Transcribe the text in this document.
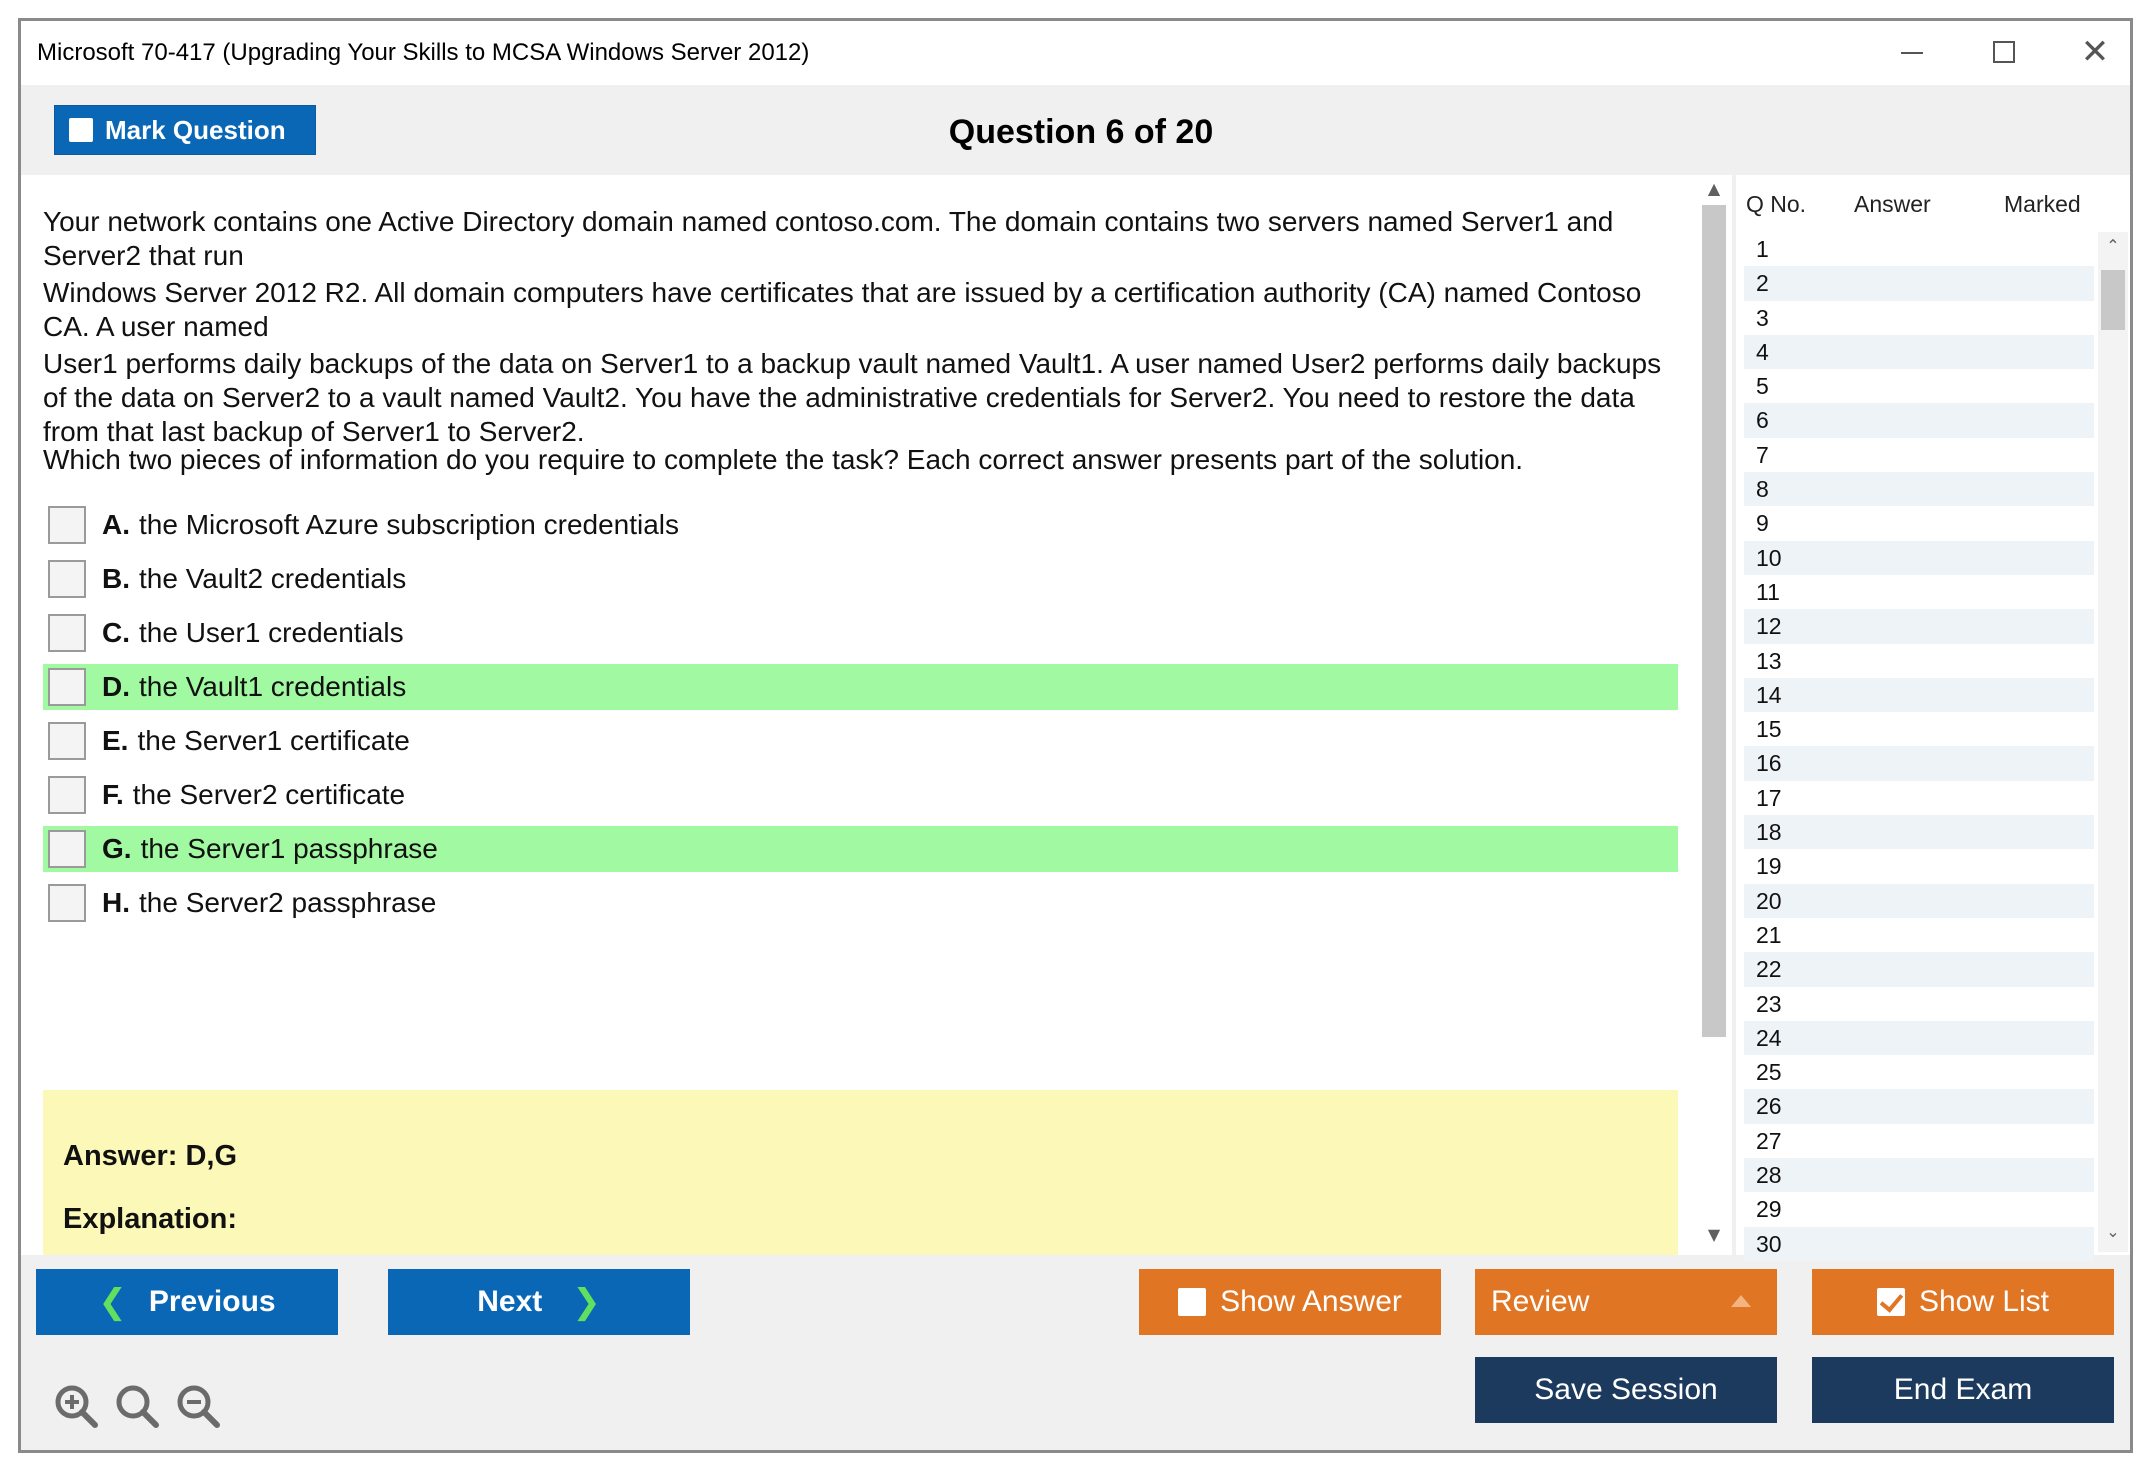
Microsoft 70-417 (Upgrading Your Skills to MCSA Windows Server 2012)	✕
Mark Question	Question 6 of 20
Your network contains one Active Directory domain named contoso.com. The domain contains two servers named Server1 and Server2 that run
Windows Server 2012 R2. All domain computers have certificates that are issued by a certification authority (CA) named Contoso CA. A user named
User1 performs daily backups of the data on Server1 to a backup vault named Vault1. A user named User2 performs daily backups of the data on Server2 to a vault named Vault2. You have the administrative credentials for Server2. You need to restore the data from that last backup of Server1 to Server2.
Which two pieces of information do you require to complete the task? Each correct answer presents part of the solution.
A. the Microsoft Azure subscription credentials
B. the Vault2 credentials
C. the User1 credentials
D. the Vault1 credentials
E. the Server1 certificate
F. the Server2 certificate
G. the Server1 passphrase
H. the Server2 passphrase
Answer: D,G
Explanation:
▲
▼
Q No. Answer	Marked
1
2
3
4
5
6
7
8
9
10
11
12
13
14
15
16
17
18
19
20
21
22
23
24
25
26
27
28
29
30
⌃
⌄
❮ Previous	Next ❯	Show Answer	Review	Show List
Save Session	End Exam
